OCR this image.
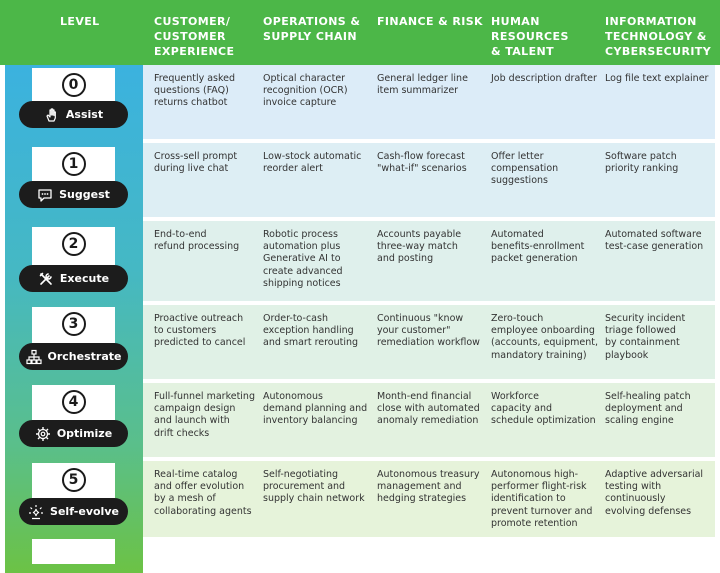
LEVEL	CUSTOMER/
CUSTOMER
EXPERIENCE
OPERATIONS &
SUPPLY CHAIN
FINANCE & RISK HUMAN
RESOURCES
& TALENT
INFORMATION
TECHNOLOGY &
CYBERSECURITY
Frequently asked
questions (FAQ)
returns chatbot
Optical character
recognition (OCR)
invoice capture
General ledger line
item summarizer
Job description drafter Log file text explainer
0
Assist
Cross-sell prompt
during live chat
Low-stock automatic
reorder alert
Cash-flow forecast
"what-if" scenarios
Offer letter
compensation
suggestions
Software patch
priority ranking
1
Suggest
End-to-end
refund processing
Robotic process
automation plus
Generative AI to
create advanced
shipping notices
Accounts payable
three-way match
and posting
Automated
benefits-enrollment
packet generation
Automated software
test-case generation
2
Execute
Proactive outreach
to customers
predicted to cancel
Order-to-cash
exception handling
and smart rerouting
Continuous "know
your customer"
remediation workflow
Zero-touch
employee onboarding
(accounts, equipment,
mandatory training)
Security incident
triage followed
by containment
playbook
3
Orchestrate
Full-funnel marketing
campaign design
and launch with
drift checks
Autonomous
demand planning and
inventory balancing
Month-end financial
close with automated
anomaly remediation
Workforce
capacity and
schedule optimization
Self-healing patch
deployment and
scaling engine
4
Optimize
Real-time catalog
and offer evolution
by a mesh of
collaborating agents
Self-negotiating
procurement and
supply chain network
Autonomous treasury
management and
hedging strategies
Autonomous high-
performer flight-risk
identification to
prevent turnover and
promote retention
Adaptive adversarial
testing with
continuously
evolving defenses
5
Self-evolve
